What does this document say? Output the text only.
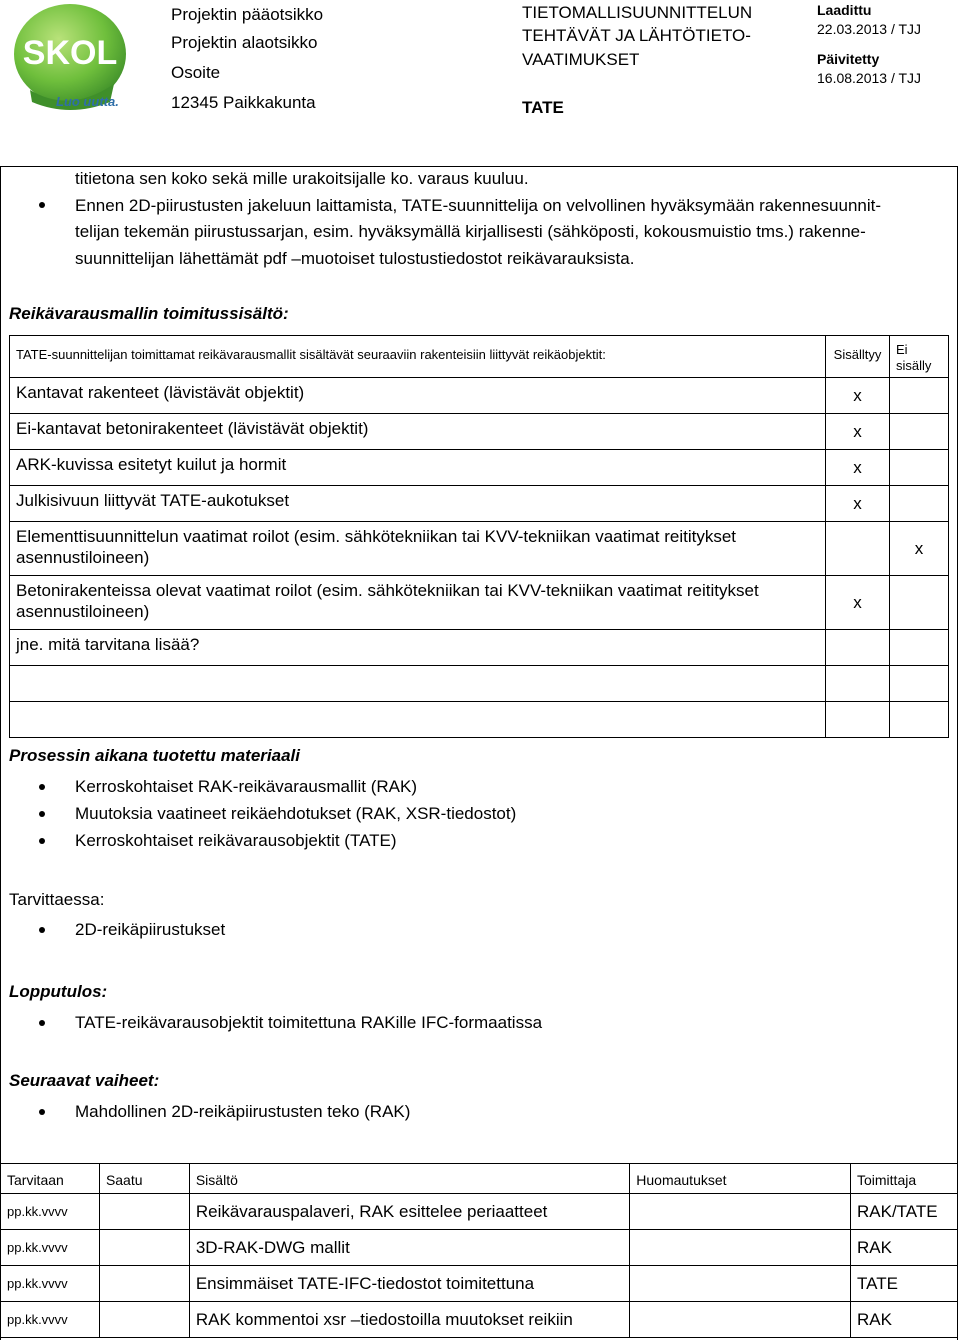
SKOL
Luo uutta.
Projektin pääotsikko
Projektin alaotsikko
Osoite
12345 Paikkakunta
TIETOMALLISUUNNITTELUN
TEHTÄVÄT JA LÄHTÖTIETO-
VAATIMUKSET
TATE
Laadittu
22.03.2013 / TJJ
Päivitetty
16.08.2013 / TJJ
titietona sen koko sekä mille urakoitsijalle ko. varaus kuuluu.
Ennen 2D-piirustusten jakeluun laittamista, TATE-suunnittelija on velvollinen hyväksymään rakennesuunnit-
telijan tekemän piirustussarjan, esim. hyväksymällä kirjallisesti (sähköposti, kokousmuistio tms.) rakenne-
suunnittelijan lähettämät pdf –muotoiset tulostustiedostot reikävarauksista.
Reikävarausmallin toimitussisältö:
TATE-suunnittelijan toimittamat reikävarausmallit sisältävät seuraaviin rakenteisiin liittyvät reikäobjektit:	Sisälltyy	Ei sisälly
Kantavat rakenteet (lävistävät objektit)	x	
Ei-kantavat betonirakenteet (lävistävät objektit)	x	
ARK-kuvissa esitetyt kuilut ja hormit	x	
Julkisivuun liittyvät TATE-aukotukset	x	
Elementtisuunnittelun vaatimat roilot (esim. sähkötekniikan tai KVV-tekniikan vaatimat reititykset asennustiloineen)		x
Betonirakenteissa olevat vaatimat roilot (esim. sähkötekniikan tai KVV-tekniikan vaatimat reititykset asennustiloineen)	x	
jne. mitä tarvitana lisää?		

Prosessin aikana tuotettu materiaali
Kerroskohtaiset RAK-reikävarausmallit (RAK)
Muutoksia vaatineet reikäehdotukset (RAK, XSR-tiedostot)
Kerroskohtaiset reikävarausobjektit (TATE)
Tarvittaessa:
2D-reikäpiirustukset
Lopputulos:
TATE-reikävarausobjektit toimitettuna RAKille IFC-formaatissa
Seuraavat vaiheet:
Mahdollinen 2D-reikäpiirustusten teko (RAK)
Tarvitaan	Saatu	Sisältö	Huomautukset	Toimittaja
pp.kk.vvvv		Reikävarauspalaveri, RAK esittelee periaatteet		RAK/TATE
pp.kk.vvvv		3D-RAK-DWG mallit		RAK
pp.kk.vvvv		Ensimmäiset TATE-IFC-tiedostot toimitettuna		TATE
pp.kk.vvvv		RAK kommentoi xsr –tiedostoilla muutokset reikiin		RAK
